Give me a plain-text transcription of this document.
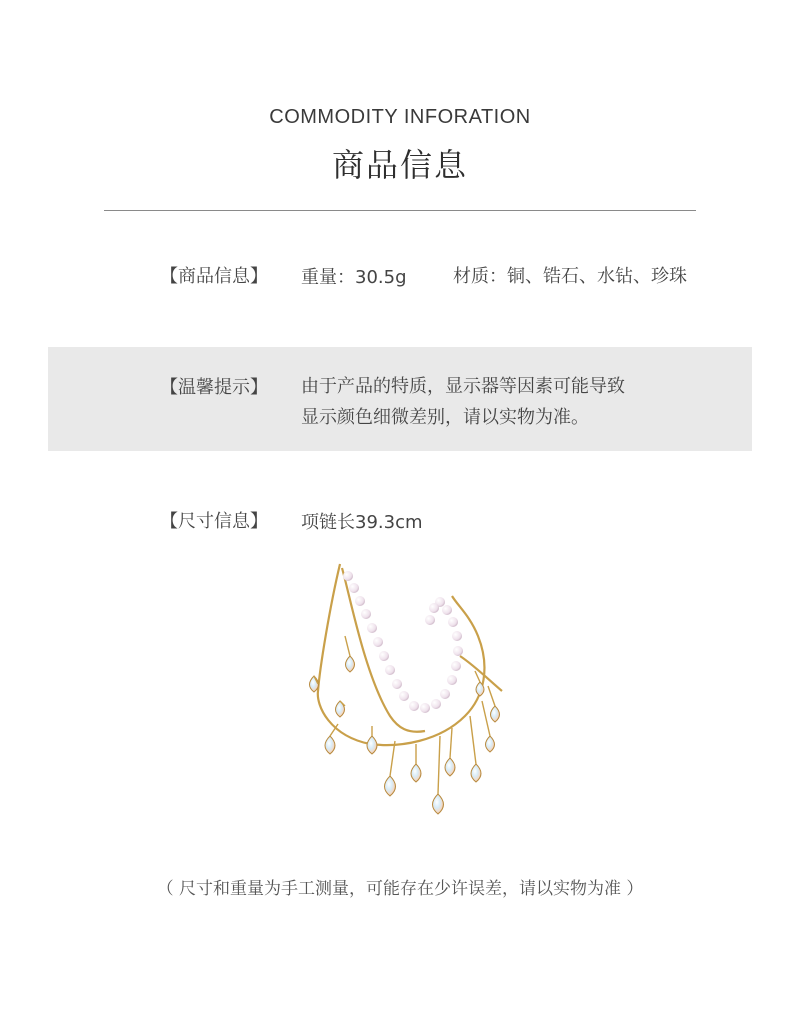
COMMODITY INFORATION
商品信息
【商品信息】 重量：30.5g	材质：铜、锆石、水钻、珍珠
【温馨提示】 由于产品的特质，显示器等因素可能导致
显示颜色细微差别，请以实物为准。
【尺寸信息】 项链长39.3cm
（ 尺寸和重量为手工测量，可能存在少许误差，请以实物为准 ）
